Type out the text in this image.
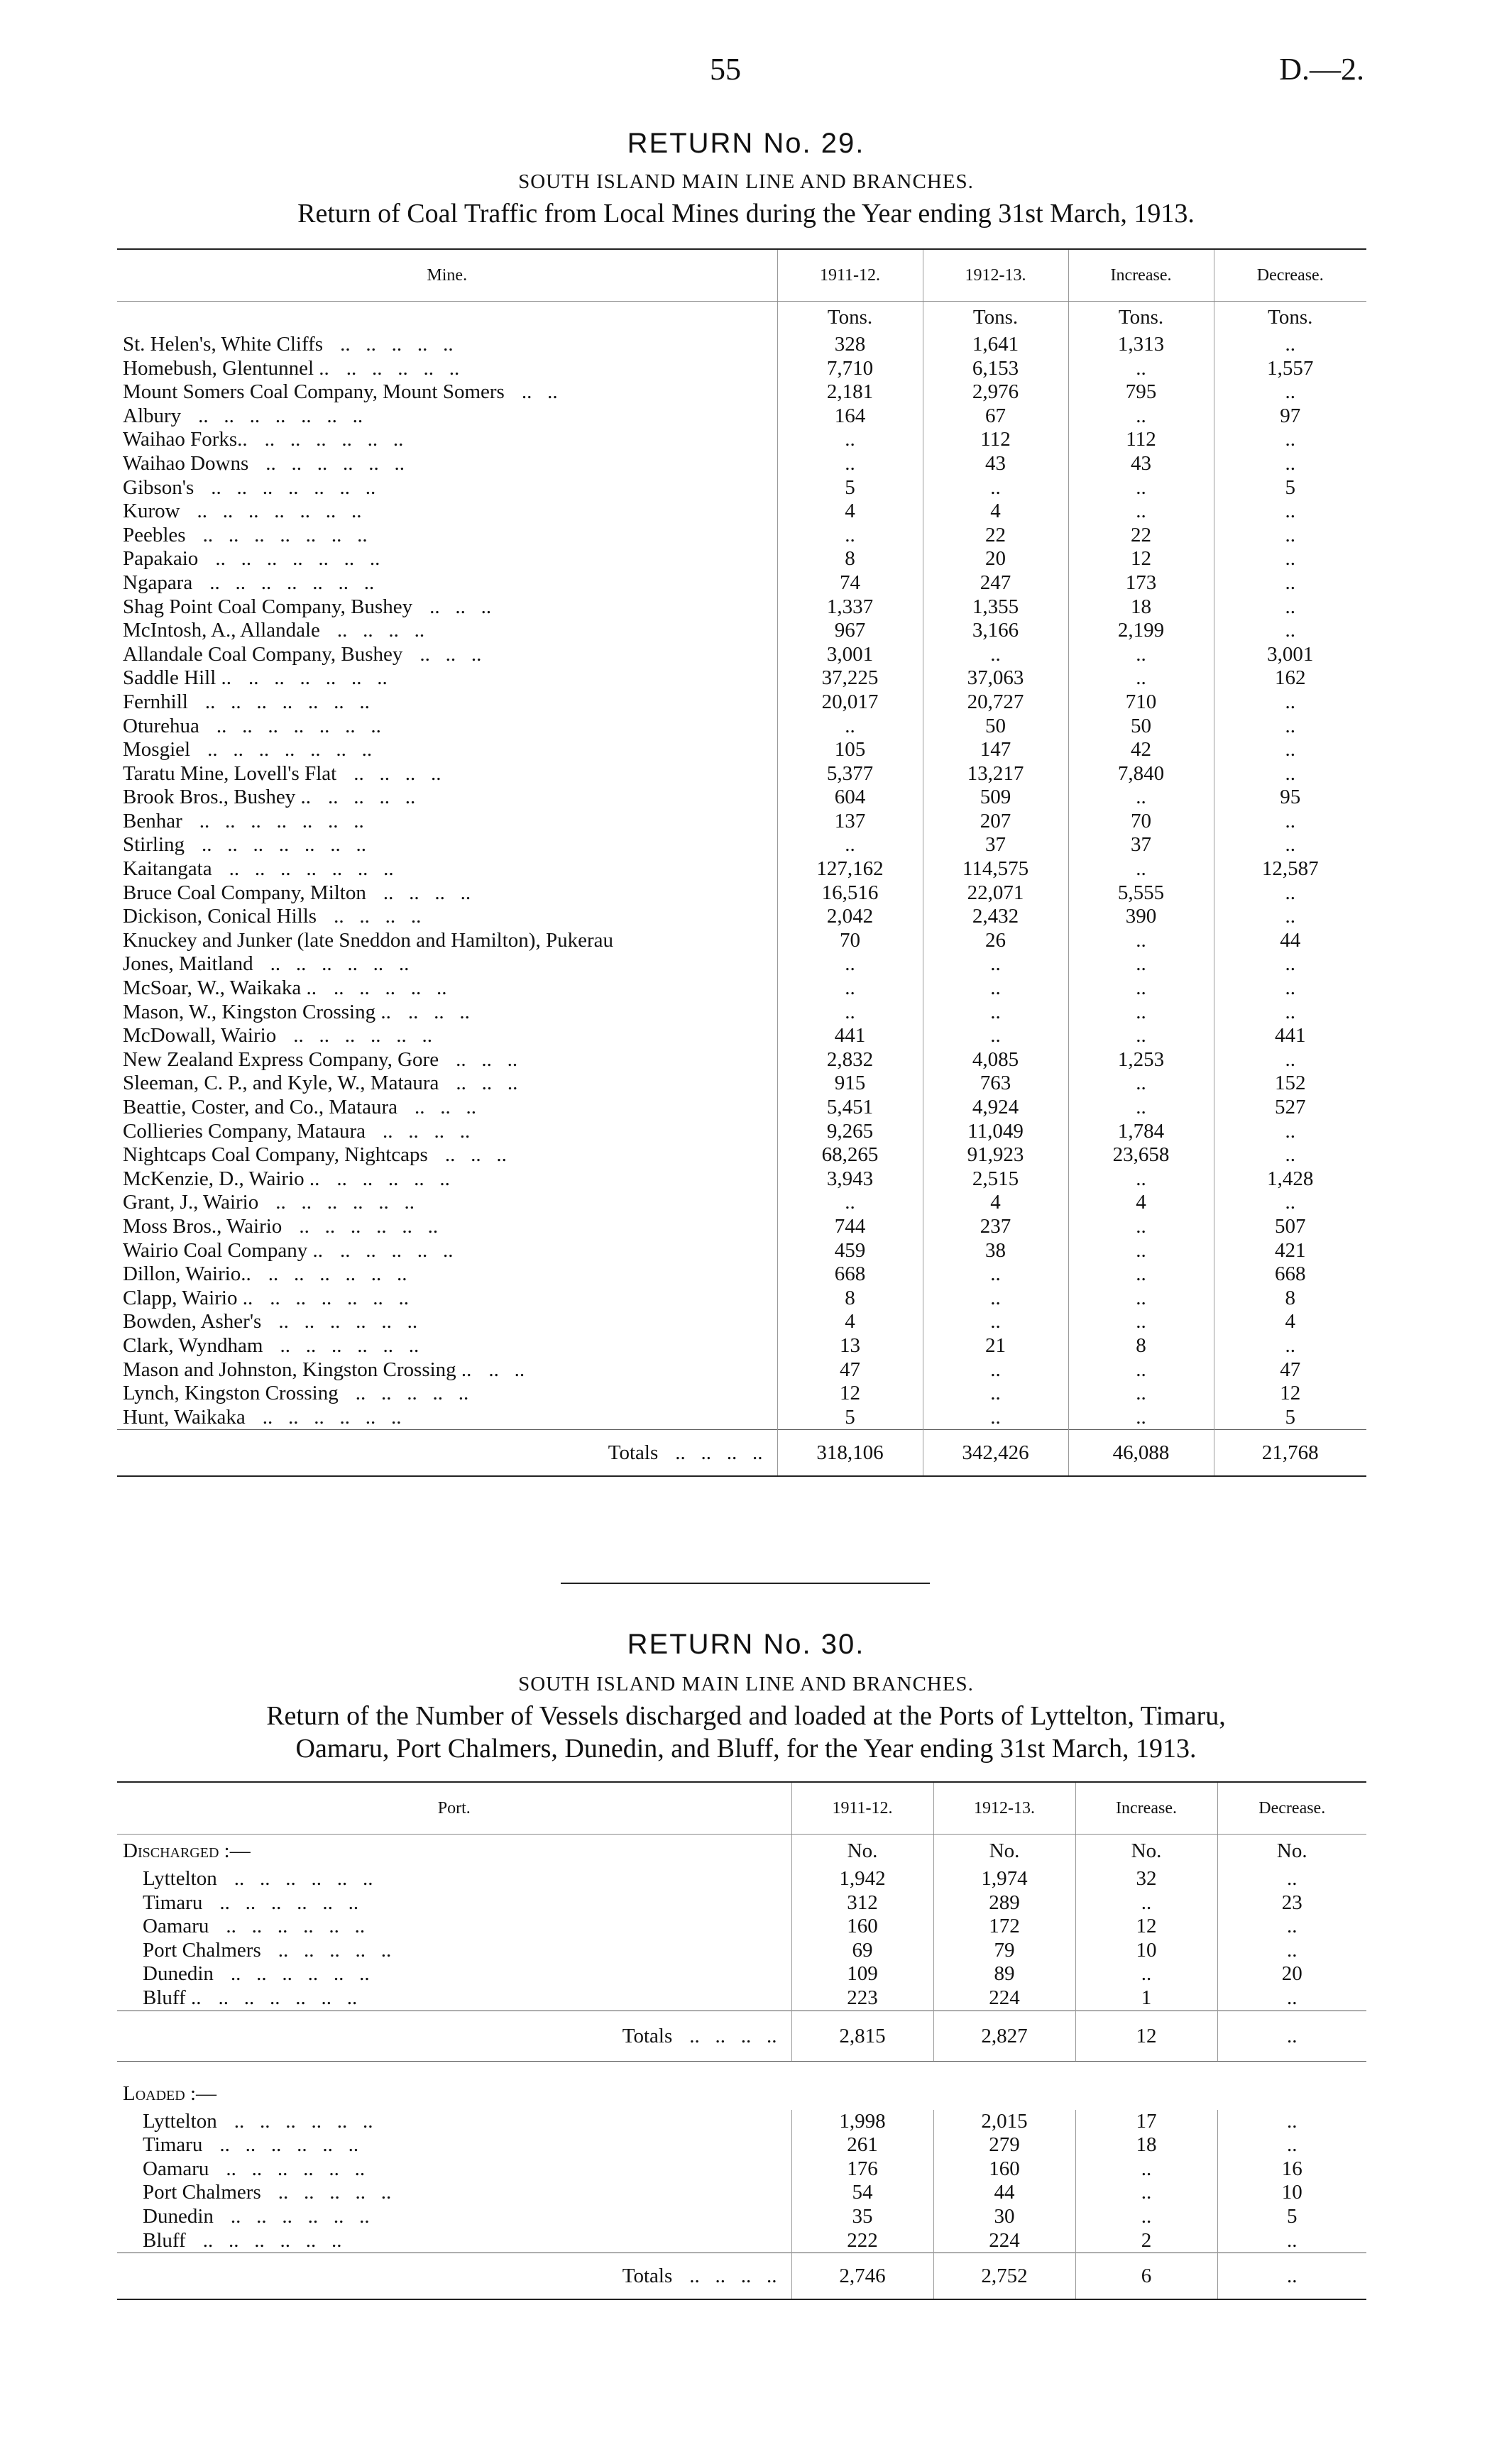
55	D.—2.
RETURN No. 29.
SOUTH ISLAND MAIN LINE AND BRANCHES.
Return of Coal Traffic from Local Mines during the Year ending 31st March, 1913.
Mine.	1911-12.	1912-13.	Increase.	Decrease.
	Tons.	Tons.	Tons.	Tons.
St. Helen's, White Cliffs ..   ..   ..   ..   ..	328	1,641	1,313	..
Homebush, Glentunnel .. ..   ..   ..   ..   ..	7,710	6,153	..	1,557
Mount Somers Coal Company, Mount Somers ..   ..	2,181	2,976	795	..
Albury ..   ..   ..   ..   ..   ..   ..	164	67	..	97
Waihao Forks.. ..   ..   ..   ..   ..   ..	..	112	112	..
Waihao Downs ..   ..   ..   ..   ..   ..	..	43	43	..
Gibson's ..   ..   ..   ..   ..   ..   ..	5	..	..	5
Kurow ..   ..   ..   ..   ..   ..   ..	4	4	..	..
Peebles ..   ..   ..   ..   ..   ..   ..	..	22	22	..
Papakaio ..   ..   ..   ..   ..   ..   ..	8	20	12	..
Ngapara ..   ..   ..   ..   ..   ..   ..	74	247	173	..
Shag Point Coal Company, Bushey ..   ..   ..	1,337	1,355	18	..
McIntosh, A., Allandale ..   ..   ..   ..	967	3,166	2,199	..
Allandale Coal Company, Bushey ..   ..   ..	3,001	..	..	3,001
Saddle Hill .. ..   ..   ..   ..   ..   ..	37,225	37,063	..	162
Fernhill ..   ..   ..   ..   ..   ..   ..	20,017	20,727	710	..
Oturehua ..   ..   ..   ..   ..   ..   ..	..	50	50	..
Mosgiel ..   ..   ..   ..   ..   ..   ..	105	147	42	..
Taratu Mine, Lovell's Flat ..   ..   ..   ..	5,377	13,217	7,840	..
Brook Bros., Bushey .. ..   ..   ..   ..	604	509	..	95
Benhar ..   ..   ..   ..   ..   ..   ..	137	207	70	..
Stirling ..   ..   ..   ..   ..   ..   ..	..	37	37	..
Kaitangata ..   ..   ..   ..   ..   ..   ..	127,162	114,575	..	12,587
Bruce Coal Company, Milton ..   ..   ..   ..	16,516	22,071	5,555	..
Dickison, Conical Hills ..   ..   ..   ..	2,042	2,432	390	..
Knuckey and Junker (late Sneddon and Hamilton), Pukerau	70	26	..	44
Jones, Maitland ..   ..   ..   ..   ..   ..	..	..	..	..
McSoar, W., Waikaka .. ..   ..   ..   ..   ..	..	..	..	..
Mason, W., Kingston Crossing .. ..   ..   ..	..	..	..	..
McDowall, Wairio ..   ..   ..   ..   ..   ..	441	..	..	441
New Zealand Express Company, Gore ..   ..   ..	2,832	4,085	1,253	..
Sleeman, C. P., and Kyle, W., Mataura ..   ..   ..	915	763	..	152
Beattie, Coster, and Co., Mataura ..   ..   ..	5,451	4,924	..	527
Collieries Company, Mataura ..   ..   ..   ..	9,265	11,049	1,784	..
Nightcaps Coal Company, Nightcaps ..   ..   ..	68,265	91,923	23,658	..
McKenzie, D., Wairio .. ..   ..   ..   ..   ..	3,943	2,515	..	1,428
Grant, J., Wairio ..   ..   ..   ..   ..   ..	..	4	4	..
Moss Bros., Wairio ..   ..   ..   ..   ..   ..	744	237	..	507
Wairio Coal Company .. ..   ..   ..   ..   ..	459	38	..	421
Dillon, Wairio.. ..   ..   ..   ..   ..   ..	668	..	..	668
Clapp, Wairio .. ..   ..   ..   ..   ..   ..	8	..	..	8
Bowden, Asher's ..   ..   ..   ..   ..   ..	4	..	..	4
Clark, Wyndham ..   ..   ..   ..   ..   ..	13	21	8	..
Mason and Johnston, Kingston Crossing .. ..   ..	47	..	..	47
Lynch, Kingston Crossing ..   ..   ..   ..   ..	12	..	..	12
Hunt, Waikaka ..   ..   ..   ..   ..   ..	5	..	..	5
Totals ..   ..   ..   ..	318,106	342,426	46,088	21,768
RETURN No. 30.
SOUTH ISLAND MAIN LINE AND BRANCHES.
Return of the Number of Vessels discharged and loaded at the Ports of Lyttelton, Timaru,
Oamaru, Port Chalmers, Dunedin, and Bluff, for the Year ending 31st March, 1913.
Port.	1911-12.	1912-13.	Increase.	Decrease.
Discharged :—	No.	No.	No.	No.
Lyttelton ..   ..   ..   ..   ..   ..	1,942	1,974	32	..
Timaru ..   ..   ..   ..   ..   ..	312	289	..	23
Oamaru ..   ..   ..   ..   ..   ..	160	172	12	..
Port Chalmers ..   ..   ..   ..   ..	69	79	10	..
Dunedin ..   ..   ..   ..   ..   ..	109	89	..	20
Bluff .. ..   ..   ..   ..   ..   ..	223	224	1	..
Totals ..   ..   ..   ..	2,815	2,827	12	..

Loaded :—				
Lyttelton ..   ..   ..   ..   ..   ..	1,998	2,015	17	..
Timaru ..   ..   ..   ..   ..   ..	261	279	18	..
Oamaru ..   ..   ..   ..   ..   ..	176	160	..	16
Port Chalmers ..   ..   ..   ..   ..	54	44	..	10
Dunedin ..   ..   ..   ..   ..   ..	35	30	..	5
Bluff ..   ..   ..   ..   ..   ..	222	224	2	..
Totals ..   ..   ..   ..	2,746	2,752	6	..
